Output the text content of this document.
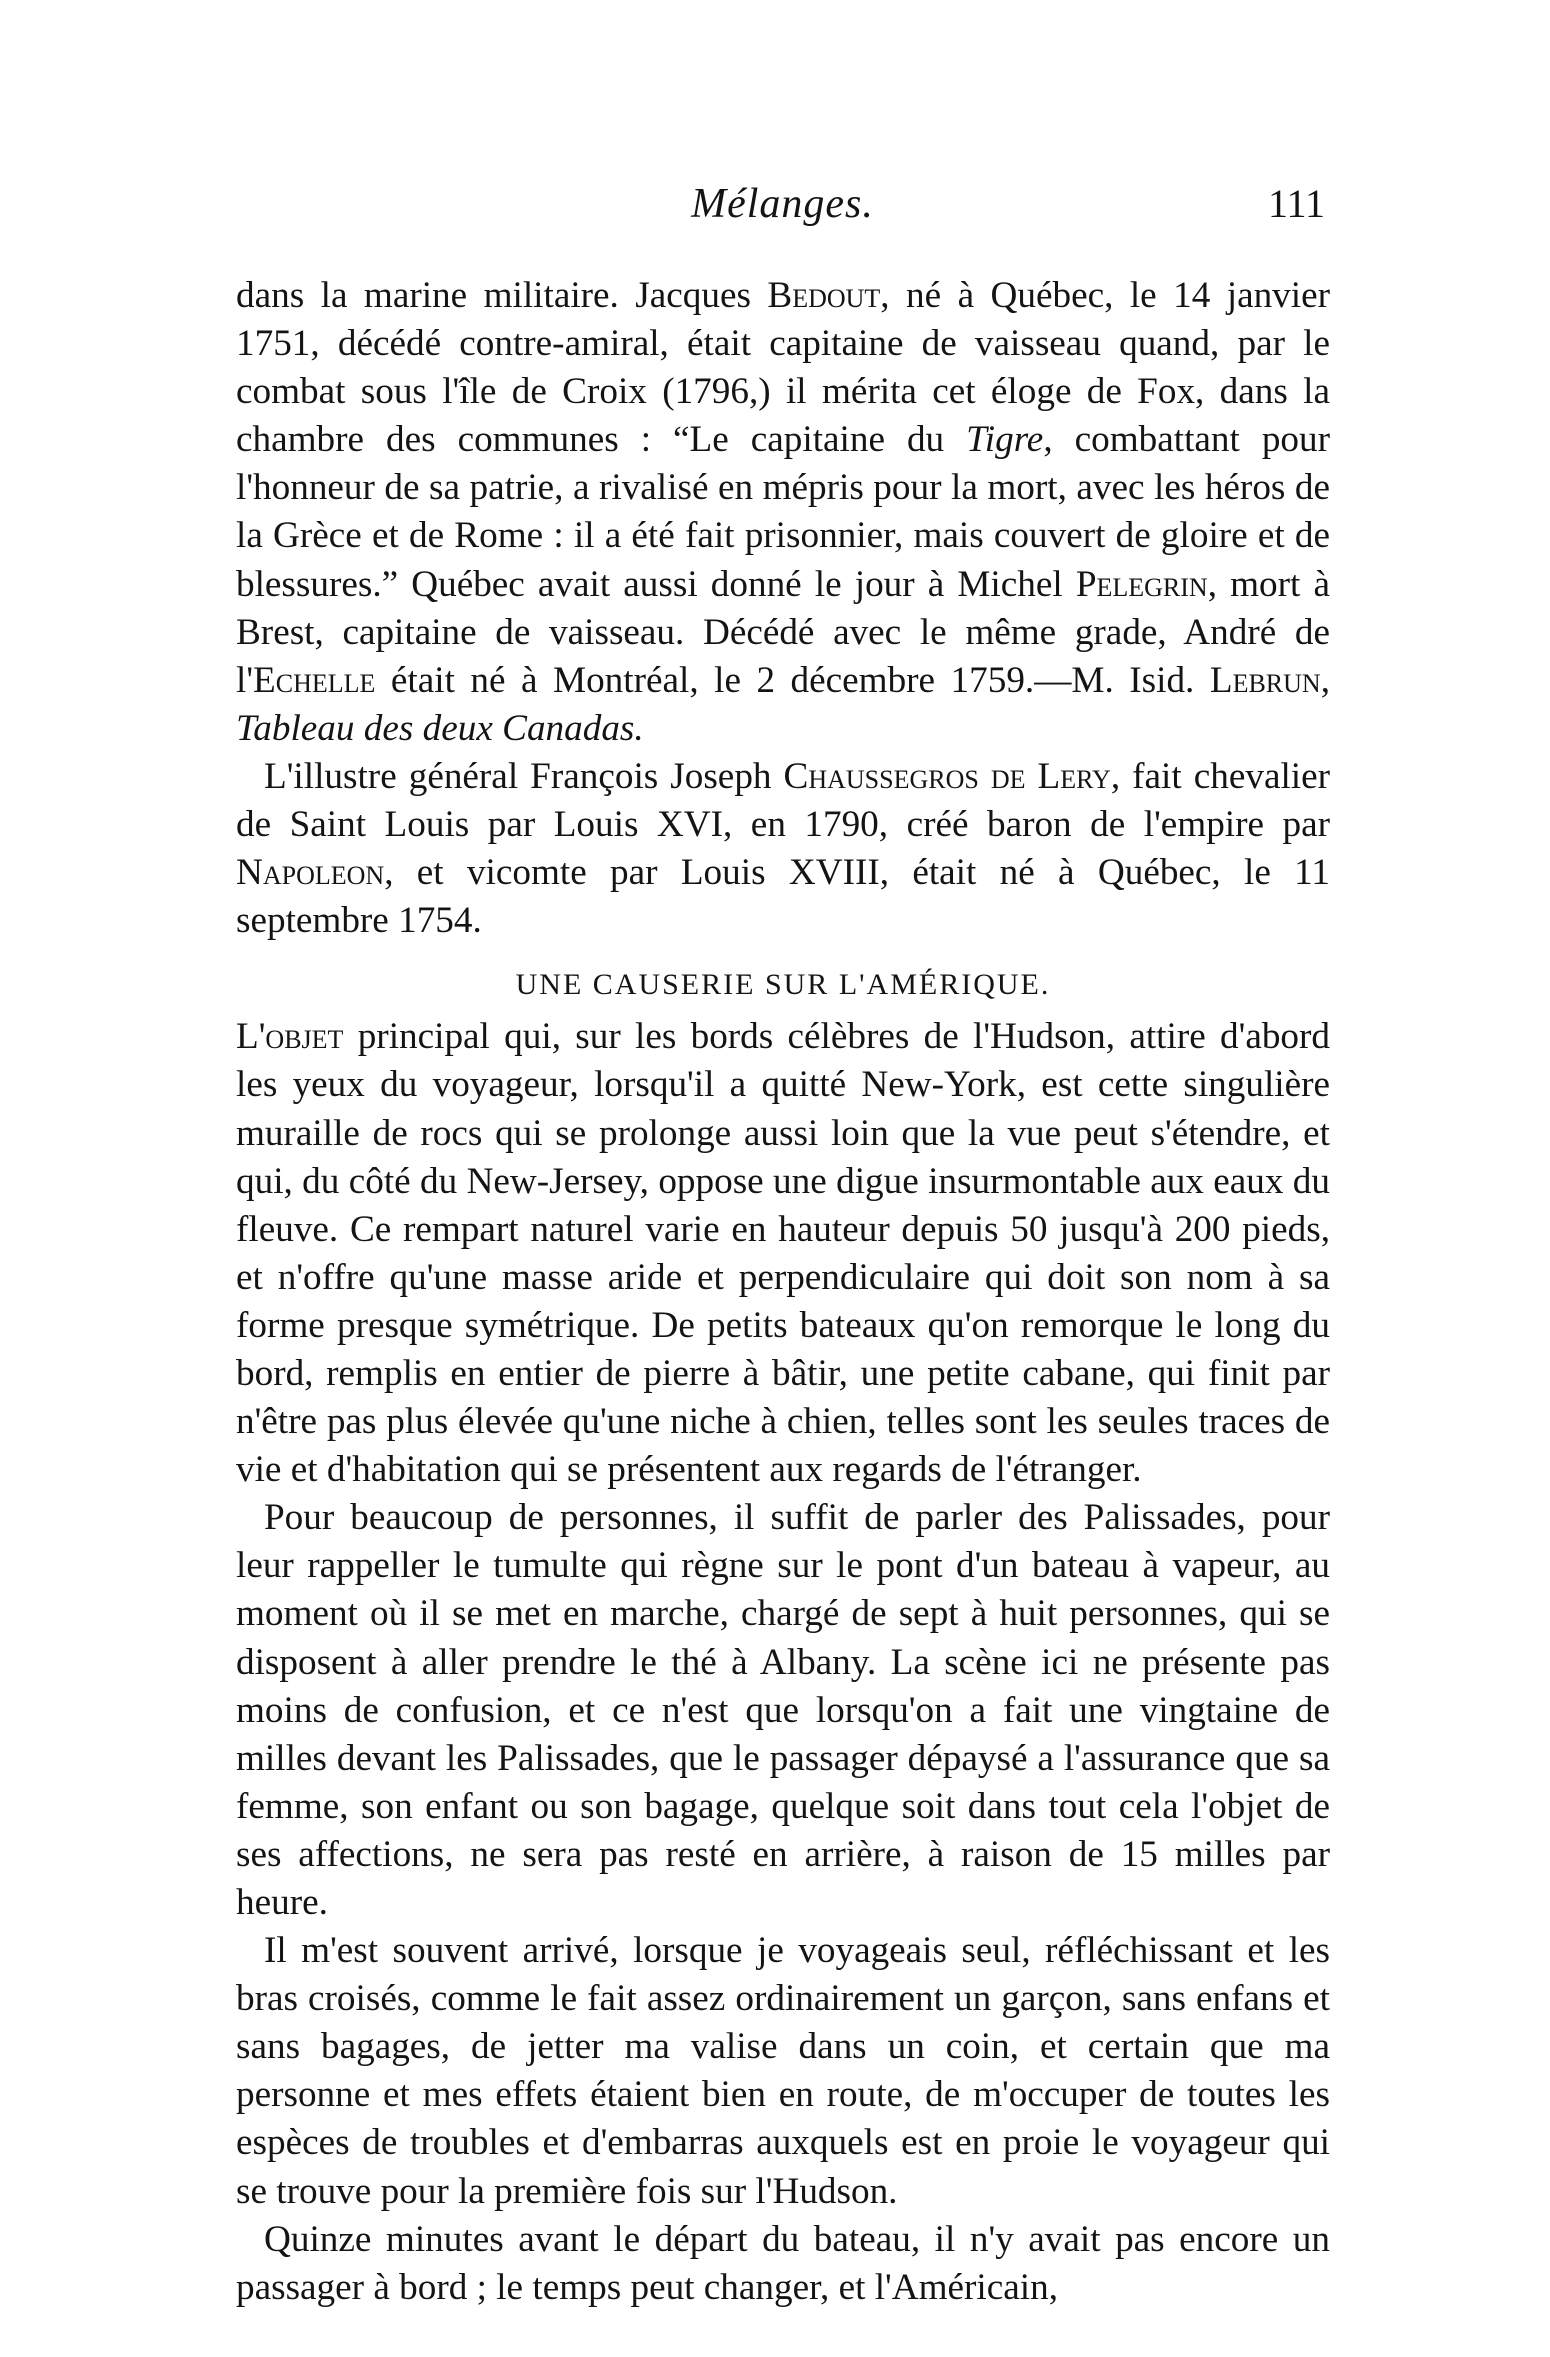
Mélanges.	111

dans la marine militaire. Jacques Bedout, né à Québec, le 14 janvier 1751, décédé contre-amiral, était capitaine de vaisseau quand, par le combat sous l'île de Croix (1796,) il mérita cet éloge de Fox, dans la chambre des communes : “Le capitaine du Tigre, combattant pour l'honneur de sa patrie, a rivalisé en mépris pour la mort, avec les héros de la Grèce et de Rome : il a été fait prisonnier, mais couvert de gloire et de blessures.” Québec avait aussi donné le jour à Michel Pelegrin, mort à Brest, capitaine de vaisseau. Décédé avec le même grade, André de l'Echelle était né à Montréal, le 2 décembre 1759.—M. Isid. Lebrun, Tableau des deux Canadas.

L'illustre général François Joseph Chaussegros de Lery, fait chevalier de Saint Louis par Louis XVI, en 1790, créé baron de l'empire par Napoleon, et vicomte par Louis XVIII, était né à Québec, le 11 septembre 1754.

UNE CAUSERIE SUR L'AMÉRIQUE.

L'objet principal qui, sur les bords célèbres de l'Hudson, attire d'abord les yeux du voyageur, lorsqu'il a quitté New-York, est cette singulière muraille de rocs qui se prolonge aussi loin que la vue peut s'étendre, et qui, du côté du New-Jersey, oppose une digue insurmontable aux eaux du fleuve. Ce rempart naturel varie en hauteur depuis 50 jusqu'à 200 pieds, et n'offre qu'une masse aride et perpendiculaire qui doit son nom à sa forme presque symétrique. De petits bateaux qu'on remorque le long du bord, remplis en entier de pierre à bâtir, une petite cabane, qui finit par n'être pas plus élevée qu'une niche à chien, telles sont les seules traces de vie et d'habitation qui se présentent aux regards de l'étranger.

Pour beaucoup de personnes, il suffit de parler des Palissades, pour leur rappeller le tumulte qui règne sur le pont d'un bateau à vapeur, au moment où il se met en marche, chargé de sept à huit personnes, qui se disposent à aller prendre le thé à Albany. La scène ici ne présente pas moins de confusion, et ce n'est que lorsqu'on a fait une vingtaine de milles devant les Palissades, que le passager dépaysé a l'assurance que sa femme, son enfant ou son bagage, quelque soit dans tout cela l'objet de ses affections, ne sera pas resté en arrière, à raison de 15 milles par heure.

Il m'est souvent arrivé, lorsque je voyageais seul, réfléchissant et les bras croisés, comme le fait assez ordinairement un garçon, sans enfans et sans bagages, de jetter ma valise dans un coin, et certain que ma personne et mes effets étaient bien en route, de m'occuper de toutes les espèces de troubles et d'embarras auxquels est en proie le voyageur qui se trouve pour la première fois sur l'Hudson.

Quinze minutes avant le départ du bateau, il n'y avait pas encore un passager à bord ; le temps peut changer, et l'Américain,
